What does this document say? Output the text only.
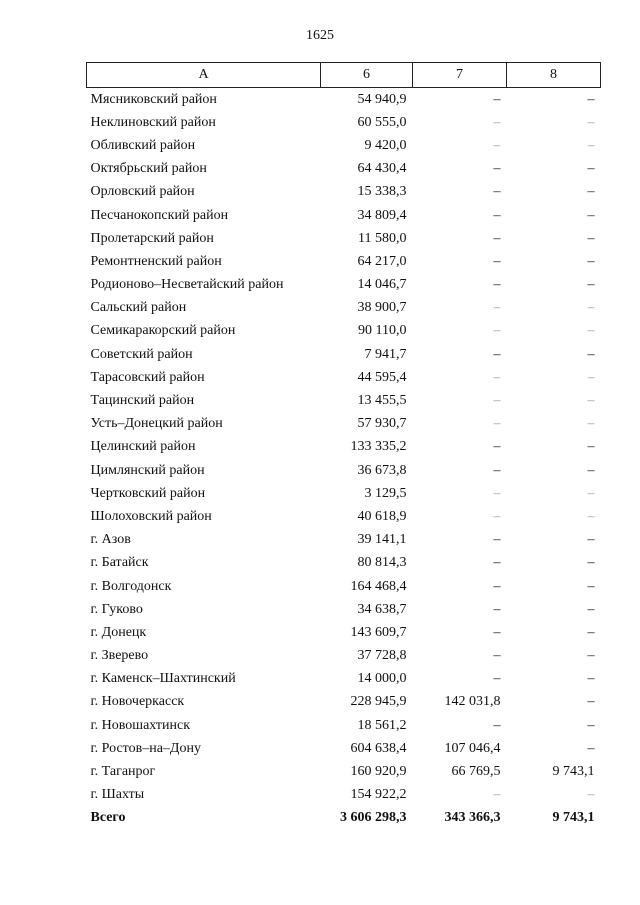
1625
А	6	7	8
Мясниковский район	54 940,9	–	–
Неклиновский район	60 555,0	–	–
Обливский район	9 420,0	–	–
Октябрьский район	64 430,4	–	–
Орловский район	15 338,3	–	–
Песчанокопский район	34 809,4	–	–
Пролетарский район	11 580,0	–	–
Ремонтненский район	64 217,0	–	–
Родионово–Несветайский район	14 046,7	–	–
Сальский район	38 900,7	–	–
Семикаракорский район	90 110,0	–	–
Советский район	7 941,7	–	–
Тарасовский район	44 595,4	–	–
Тацинский район	13 455,5	–	–
Усть–Донецкий район	57 930,7	–	–
Целинский район	133 335,2	–	–
Цимлянский район	36 673,8	–	–
Чертковский район	3 129,5	–	–
Шолоховский район	40 618,9	–	–
г. Азов	39 141,1	–	–
г. Батайск	80 814,3	–	–
г. Волгодонск	164 468,4	–	–
г. Гуково	34 638,7	–	–
г. Донецк	143 609,7	–	–
г. Зверево	37 728,8	–	–
г. Каменск–Шахтинский	14 000,0	–	–
г. Новочеркасск	228 945,9	142 031,8	–
г. Новошахтинск	18 561,2	–	–
г. Ростов–на–Дону	604 638,4	107 046,4	–
г. Таганрог	160 920,9	66 769,5	9 743,1
г. Шахты	154 922,2	–	–
Всего	3 606 298,3	343 366,3	9 743,1
